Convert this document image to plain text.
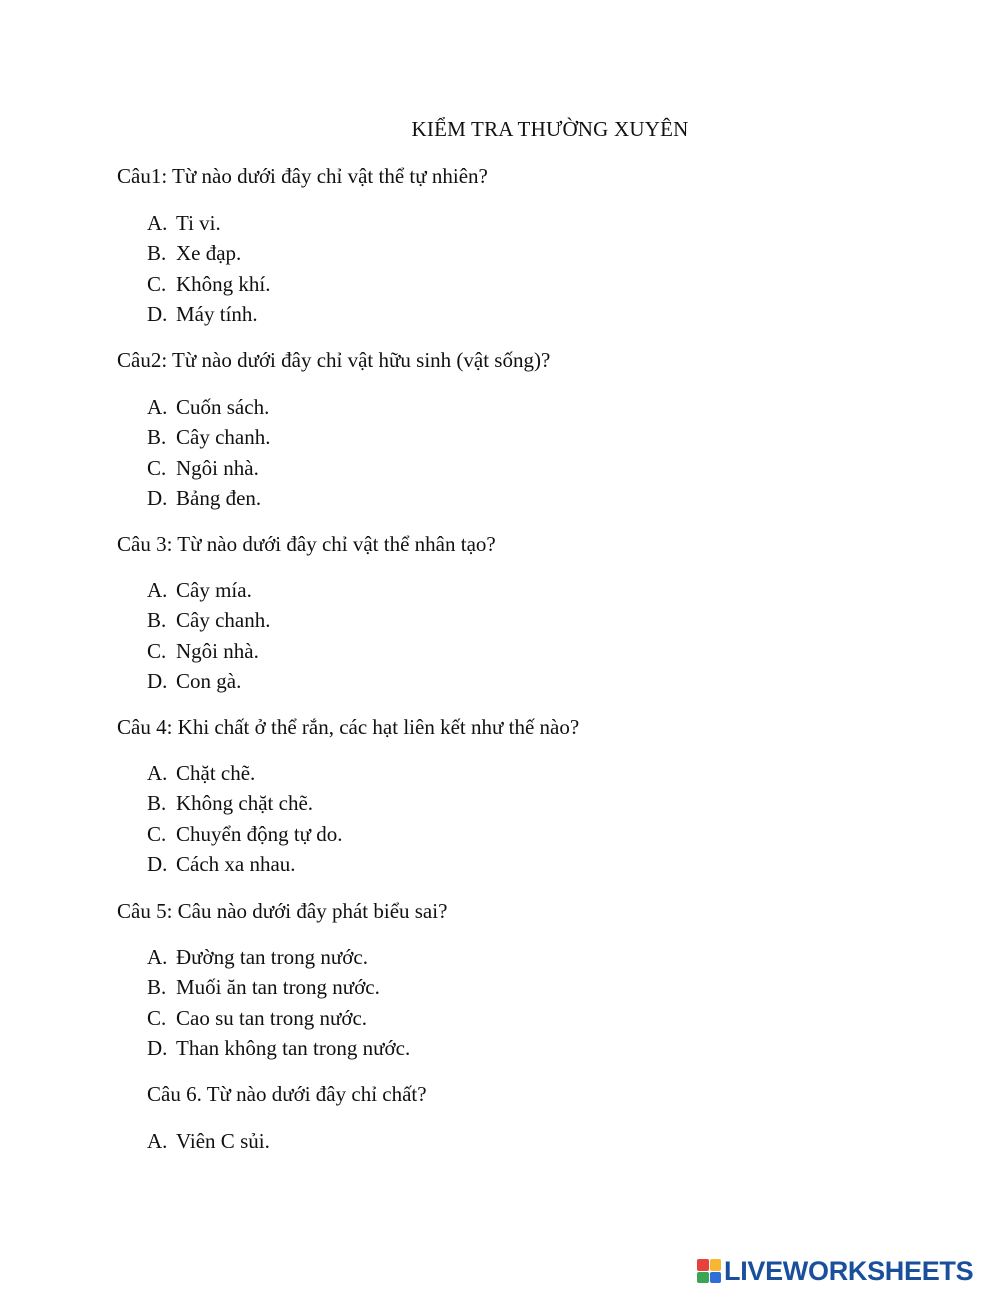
KIỂM TRA THƯỜNG XUYÊN
Câu1: Từ nào dưới đây chỉ vật thể tự nhiên?
A. Ti vi.
B. Xe đạp.
C. Không khí.
D. Máy tính.
Câu2: Từ nào dưới đây chỉ vật hữu sinh (vật sống)?
A. Cuốn sách.
B. Cây chanh.
C. Ngôi nhà.
D. Bảng đen.
Câu 3: Từ nào dưới đây chỉ vật thể nhân tạo?
A. Cây mía.
B. Cây chanh.
C. Ngôi nhà.
D. Con gà.
Câu 4: Khi chất ở thể rắn, các hạt liên kết như thế nào?
A. Chặt chẽ.
B. Không chặt chẽ.
C. Chuyển động tự do.
D. Cách xa nhau.
Câu 5: Câu nào dưới đây phát biểu sai?
A. Đường tan trong nước.
B. Muối ăn tan trong nước.
C. Cao su tan trong nước.
D. Than không tan trong nước.
Câu 6. Từ nào dưới đây chỉ chất?
A. Viên C sủi.
LIVEWORKSHEETS
